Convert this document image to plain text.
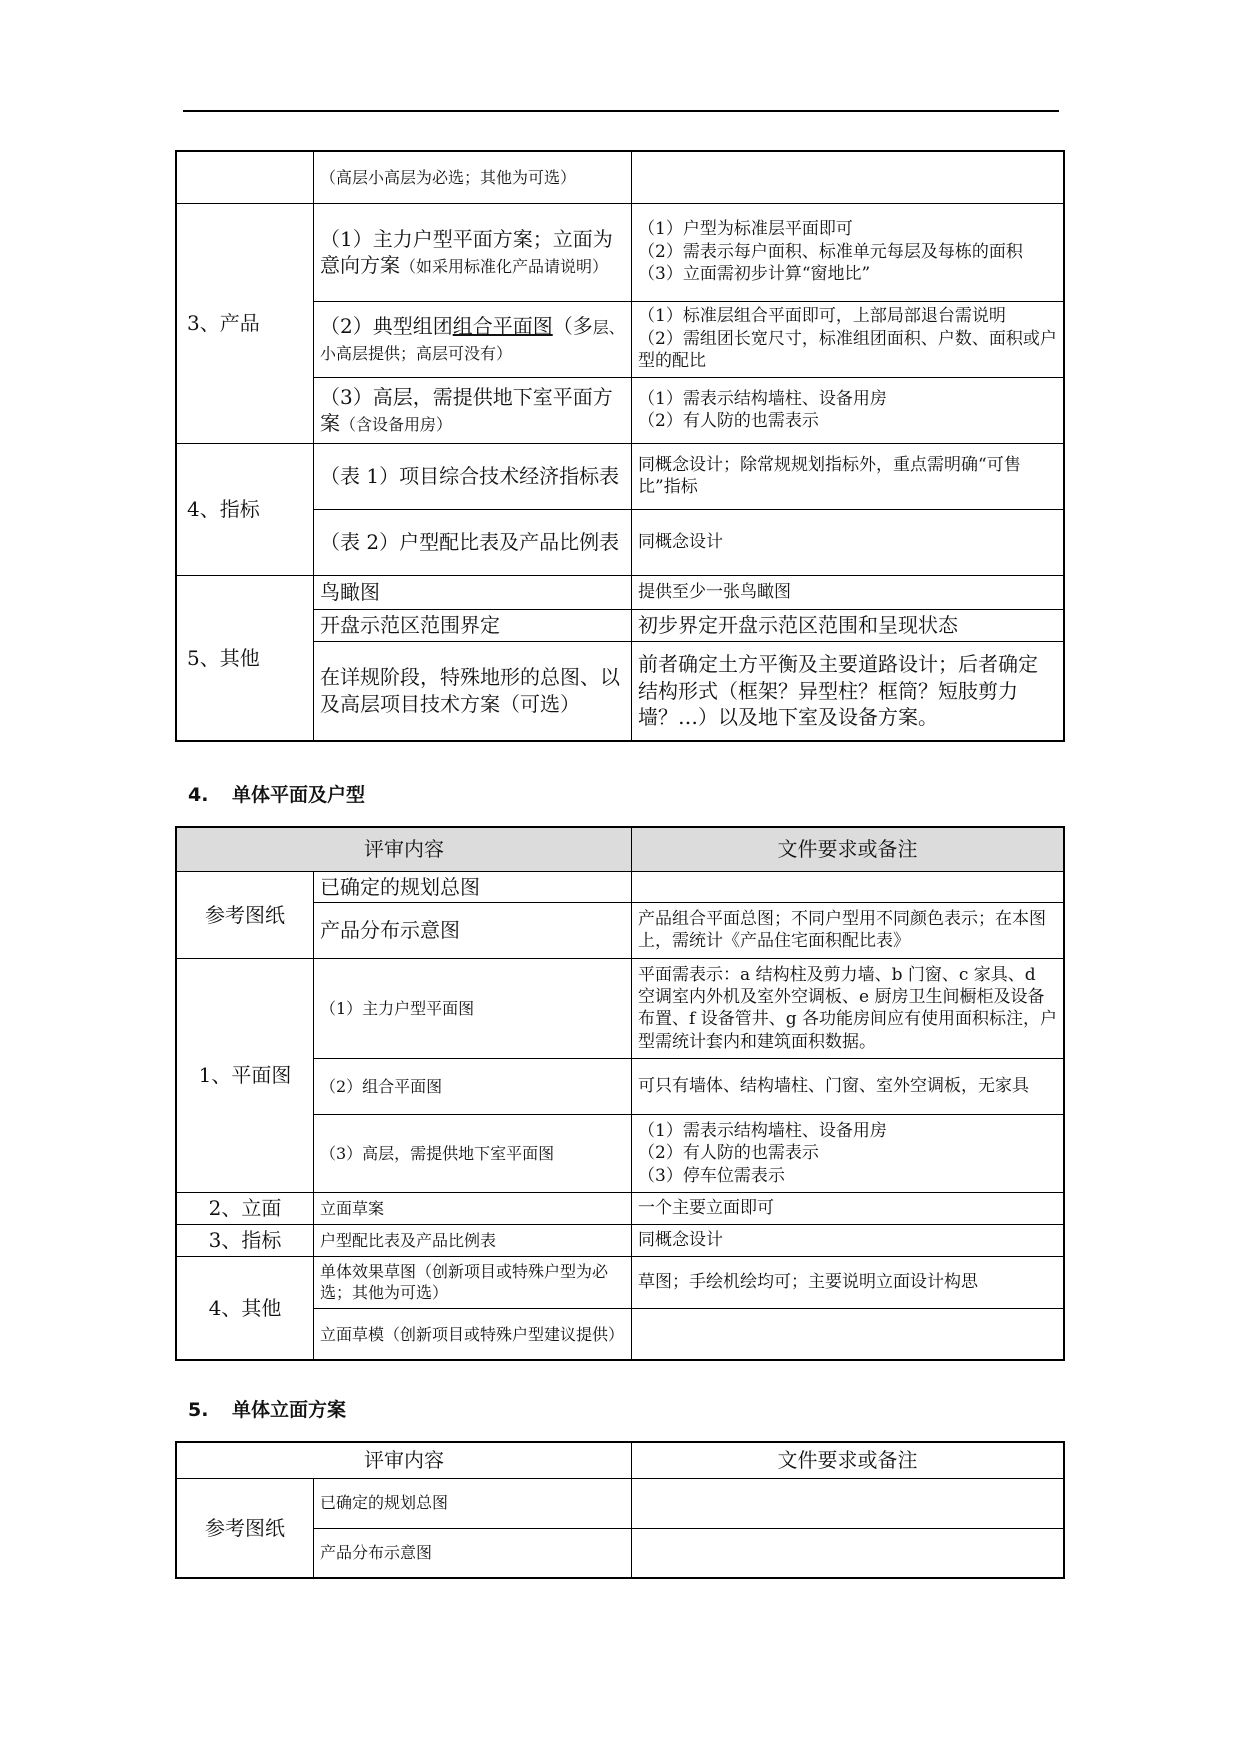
	（高层小高层为必选；其他为可选）	
3、产品	（1）主力户型平面方案；立面为意向方案（如采用标准化产品请说明）	（1）户型为标准层平面即可
（2）需表示每户面积、标准单元每层及每栋的面积 （3）立面需初步计算“窗地比”
	（2）典型组团组合平面图（多层、小高层提供；高层可没有）	（1）标准层组合平面即可，上部局部退台需说明
（2）需组团长宽尺寸，标准组团面积、户数、面积或户型的配比
	（3）高层，需提供地下室平面方案（含设备用房）	（1）需表示结构墙柱、设备用房
（2）有人防的也需表示
4、指标	（表 1）项目综合技术经济指标表	同概念设计；除常规规划指标外，重点需明确“可售比”指标
	（表 2）户型配比表及产品比例表	同概念设计
5、其他	鸟瞰图	提供至少一张鸟瞰图
	开盘示范区范围界定	初步界定开盘示范区范围和呈现状态
	在详规阶段，特殊地形的总图、以及高层项目技术方案（可选）	前者确定土方平衡及主要道路设计；后者确定结构形式（框架？异型柱？框筒？短肢剪力墙？…）以及地下室及设备方案。
4. 单体平面及户型
评审内容		文件要求或备注
参考图纸	已确定的规划总图	
	产品分布示意图	产品组合平面总图；不同户型用不同颜色表示；在本图上，需统计《产品住宅面积配比表》
1、平面图	（1）主力户型平面图	平面需表示：a 结构柱及剪力墙、b 门窗、c 家具、d 空调室内外机及室外空调板、e 厨房卫生间橱柜及设备布置、f 设备管井、g 各功能房间应有使用面积标注，户型需统计套内和建筑面积数据。
	（2）组合平面图	可只有墙体、结构墙柱、门窗、室外空调板，无家具
	（3）高层，需提供地下室平面图	（1）需表示结构墙柱、设备用房
（2）有人防的也需表示
（3）停车位需表示
2、立面	立面草案	一个主要立面即可
3、指标	户型配比表及产品比例表	同概念设计
4、其他	单体效果草图（创新项目或特殊户型为必选；其他为可选）	草图；手绘机绘均可；主要说明立面设计构思
	立面草模（创新项目或特殊户型建议提供）	
5. 单体立面方案
评审内容		文件要求或备注
参考图纸	已确定的规划总图	
	产品分布示意图	
